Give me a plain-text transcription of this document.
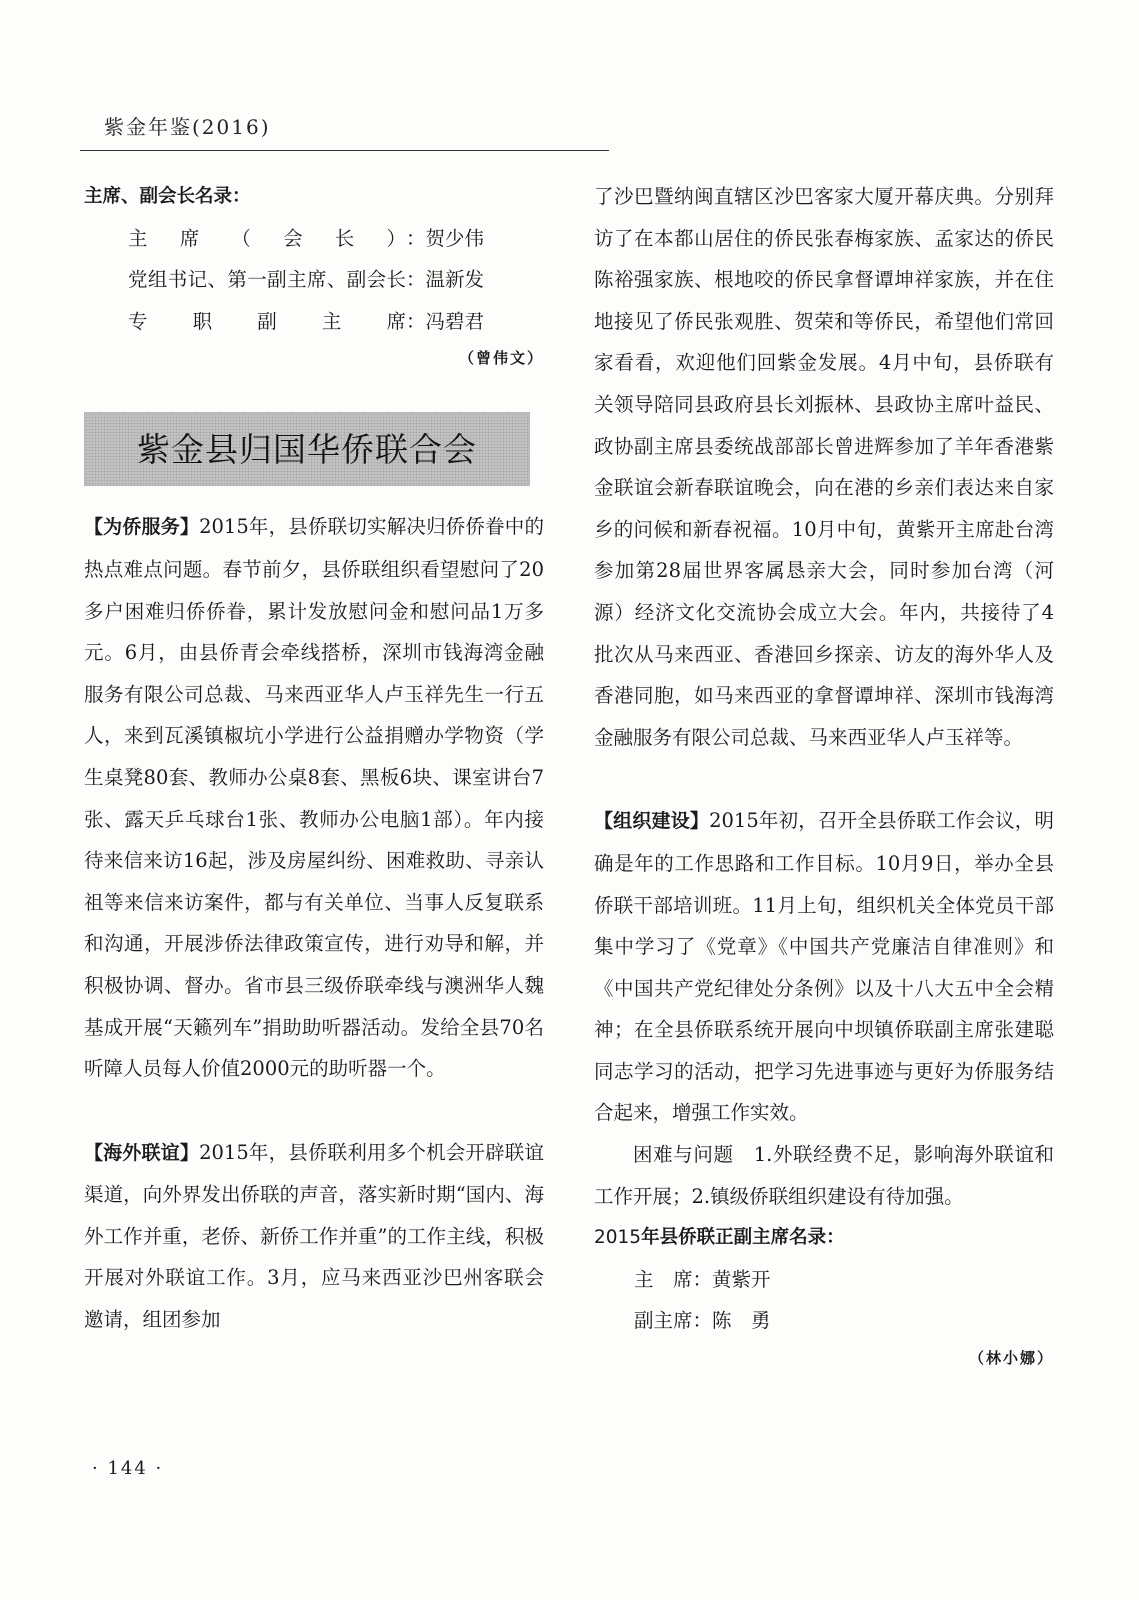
紫金年鉴(2016)

主席、副会长名录：

主席（会长） ：贺少伟
党组书记、第一副主席、副会长 ：温新发
专职副主席 ：冯碧君

（曾伟文）

紫金县归国华侨联合会

【为侨服务】2015年，县侨联切实解决归侨侨眷中的热点难点问题。春节前夕，县侨联组织看望慰问了20多户困难归侨侨眷，累计发放慰问金和慰问品1万多元。6月，由县侨青会牵线搭桥，深圳市钱海湾金融服务有限公司总裁、马来西亚华人卢玉祥先生一行五人，来到瓦溪镇椒坑小学进行公益捐赠办学物资（学生桌凳80套、教师办公桌8套、黑板6块、课室讲台7张、露天乒乓球台1张、教师办公电脑1部）。年内接待来信来访16起，涉及房屋纠纷、困难救助、寻亲认祖等来信来访案件，都与有关单位、当事人反复联系和沟通，开展涉侨法律政策宣传，进行劝导和解，并积极协调、督办。省市县三级侨联牵线与澳洲华人魏基成开展“天籁列车”捐助助听器活动。发给全县70名听障人员每人价值2000元的助听器一个。

【海外联谊】2015年，县侨联利用多个机会开辟联谊渠道，向外界发出侨联的声音，落实新时期“国内、海外工作并重，老侨、新侨工作并重”的工作主线，积极开展对外联谊工作。3月，应马来西亚沙巴州客联会邀请，组团参加

了沙巴暨纳闽直辖区沙巴客家大厦开幕庆典。分别拜访了在本都山居住的侨民张春梅家族、孟家达的侨民陈裕强家族、根地咬的侨民拿督谭坤祥家族，并在住地接见了侨民张观胜、贺荣和等侨民，希望他们常回家看看，欢迎他们回紫金发展。4月中旬，县侨联有关领导陪同县政府县长刘振林、县政协主席叶益民、政协副主席县委统战部部长曾进辉参加了羊年香港紫金联谊会新春联谊晚会，向在港的乡亲们表达来自家乡的问候和新春祝福。10月中旬，黄紫开主席赴台湾参加第28届世界客属恳亲大会，同时参加台湾（河源）经济文化交流协会成立大会。年内，共接待了4批次从马来西亚、香港回乡探亲、访友的海外华人及香港同胞，如马来西亚的拿督谭坤祥、深圳市钱海湾金融服务有限公司总裁、马来西亚华人卢玉祥等。

【组织建设】2015年初，召开全县侨联工作会议，明确是年的工作思路和工作目标。10月9日，举办全县侨联干部培训班。11月上旬，组织机关全体党员干部集中学习了《党章》《中国共产党廉洁自律准则》和《中国共产党纪律处分条例》以及十八大五中全会精神；在全县侨联系统开展向中坝镇侨联副主席张建聪同志学习的活动，把学习先进事迹与更好为侨服务结合起来，增强工作实效。

困难与问题　1.外联经费不足，影响海外联谊和工作开展；2.镇级侨联组织建设有待加强。

2015年县侨联正副主席名录：

主　席：黄紫开

副主席：陈　勇

（林小娜）

· 144 ·
